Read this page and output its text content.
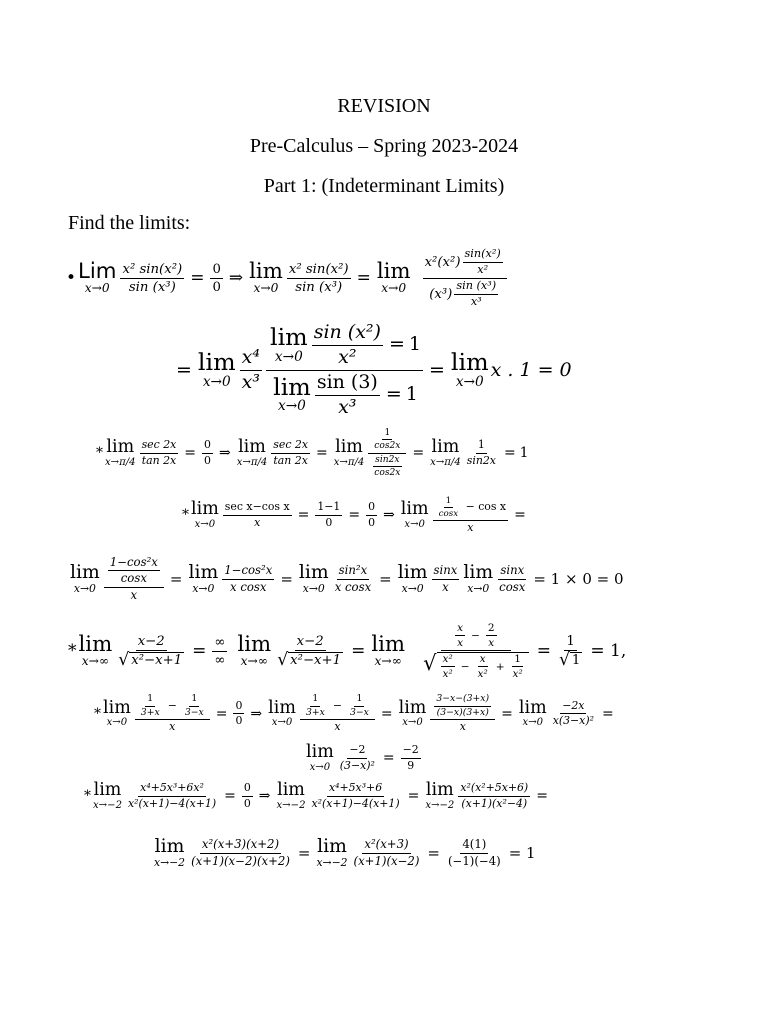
REVISION
Pre-Calculus – Spring 2023-2024
Part 1: (Indeterminant Limits)
Find the limits:
• Lim
$x\to 0 \frac{\text{x² sin(x²)}}{\text{sin (x³)}} = \frac{0}{0}$ ⇒ lim
$x\to 0 \frac{\text{x² sin(x²)}}{\text{sin (x³)}} = \lim$
x→0
x²(x²)
sin(x²)
x²
(x³)
sin (x³)
x³
= lim
x→0
x⁴
x³ lim
$x\to 0 \frac{\text{sin (x²)}}{\text{x²}} = 1$
lim
$x\to 0 \frac{\sin (3)}{\text{x³}} = 1 = \lim$
x→0
x . 1 = 0
* lim
x→π/4
sec 2x
$\tan 2x = \frac{0}{0}$ ⇒ lim
x→π/4
sec 2x
tan 2x = lim
x→π/4 1
cos2x
sin2x
cos2x = lim
$x\to\pi/4 \frac{1}{\sin 2x} = 1$
* lim
x→0
sec x−cos x
x	= $\frac{1-1}{0} = \frac{0}{0}$ ⇒ lim
x→0 1
cosx
− cos x
x =
lim
x→0 1−cos²x
cosx
x = lim
$x\to 0 \frac{\text{1−cos²x}}{\text{x cosx}} = \lim$
$x\to 0 \frac{\text{sin²x}}{\text{x cosx}} = \lim$
x→0
sinx
x
lim
$x\to 0 \frac{\sin x}{\cos x} = 1 \times 0 = 0$
* lim
$x\to\infty \frac{x-2}{\text{√ x²−x+1}}$ = ∞
∞
lim
$x\to\infty \frac{x-2}{\text{√ x²−x+1}} = \lim$
x→∞ x
x
− $\frac{2}{x}$
√ x²
x²
− $\frac{x}{\text{x²}} + \frac{1}{\text{x²}} = \frac{1}{√ 1} = 1$,
* lim
x→0 1
3+x
− $\frac{1}{3-x}$
$x = \frac{0}{0}$ ⇒ lim
x→0 1
3+x
− $\frac{1}{3-x}$
x = lim
x→0 3−x−(3+x)
(3−x)(3+x)
x = lim
$x\to 0 \frac{-2x}{\text{x(3−x)²}}$ =
lim
$x\to 0 \frac{-2}{\text{(3−x)²}} = \frac{-2}{9}$
* lim
$x\to-2 \frac{\text{x⁴+5x³+6x²}}{\text{x²(x+1)−4(x+1)}} = \frac{0}{0}$ ⇒ lim
$x\to-2 \frac{\text{x⁴+5x³+6}}{\text{x²(x+1)−4(x+1)}} = \lim$
$x\to-2 \frac{\text{x²(x²+5x+6)}}{\text{(x+1)(x²−4)}}$ =
lim
$x\to-2 \frac{\text{x²(x+3)(x+2)}}{(x+1)(x-2)(x+2)} = \lim$
$x\to-2 \frac{\text{x²(x+3)}}{(x+1)(x-2)} = \frac{4(1)}{(-1)(-4)} = 1$
